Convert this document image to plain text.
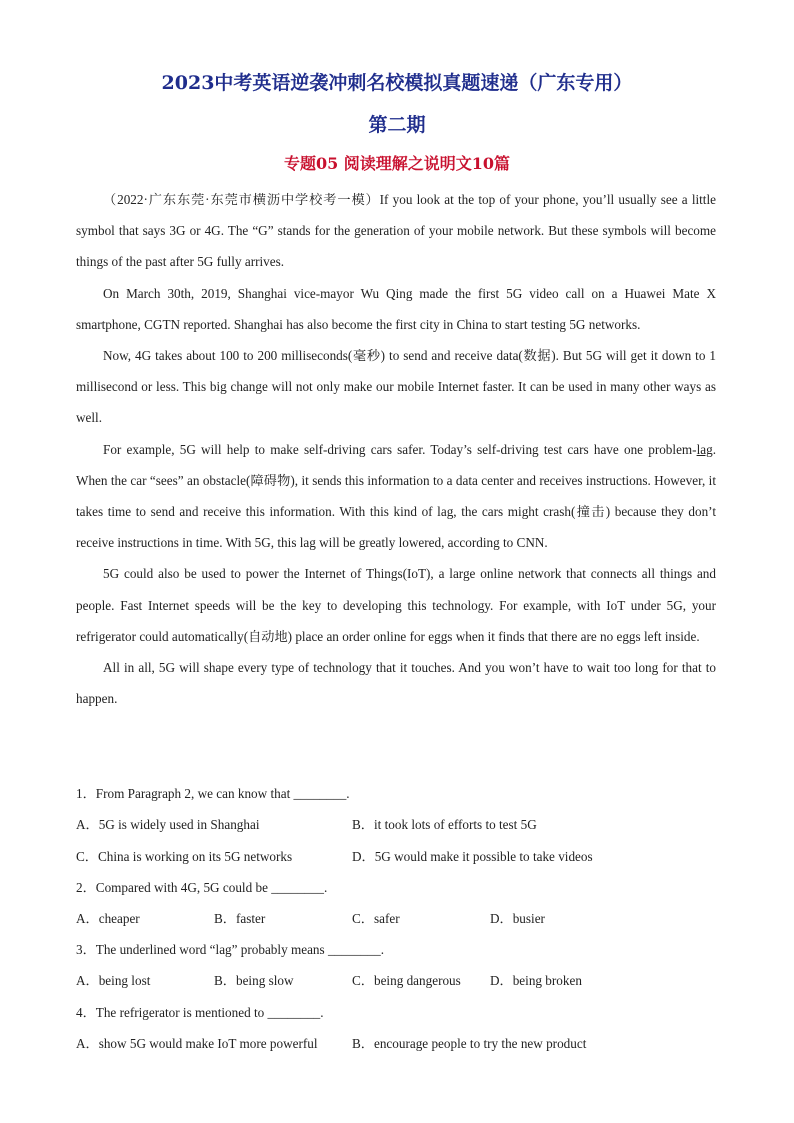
2023中考英语逆袭冲刺名校模拟真题速递（广东专用）
第二期
专题05 阅读理解之说明文10篇

（2022·广东东莞·东莞市横沥中学校考一模）If you look at the top of your phone, you’ll usually see a little symbol that says 3G or 4G. The “G” stands for the generation of your mobile network. But these symbols will become things of the past after 5G fully arrives.

On March 30th, 2019, Shanghai vice-mayor Wu Qing made the first 5G video call on a Huawei Mate X smartphone, CGTN reported. Shanghai has also become the first city in China to start testing 5G networks.

Now, 4G takes about 100 to 200 milliseconds(毫秒) to send and receive data(数据). But 5G will get it down to 1 millisecond or less. This big change will not only make our mobile Internet faster. It can be used in many other ways as well.

For example, 5G will help to make self-driving cars safer. Today’s self-driving test cars have one problem-lag. When the car “sees” an obstacle(障碍物), it sends this information to a data center and receives instructions. However, it takes time to send and receive this information. With this kind of lag, the cars might crash(撞击) because they don’t receive instructions in time. With 5G, this lag will be greatly lowered, according to CNN.

5G could also be used to power the Internet of Things(IoT), a large online network that connects all things and people. Fast Internet speeds will be the key to developing this technology. For example, with IoT under 5G, your refrigerator could automatically(自动地) place an order online for eggs when it finds that there are no eggs left inside.

All in all, 5G will shape every type of technology that it touches. And you won’t have to wait too long for that to happen.

1．From Paragraph 2, we can know that ________.
A．5G is widely used in Shanghai	B．it took lots of efforts to test 5G
C．China is working on its 5G networks	D．5G would make it possible to take videos
2．Compared with 4G, 5G could be ________.
A．cheaper	B．faster	C．safer	D．busier
3．The underlined word “lag” probably means ________.
A．being lost	B．being slow	C．being dangerous D．being broken
4．The refrigerator is mentioned to ________.
A．show 5G would make IoT more powerful	B．encourage people to try the new product
